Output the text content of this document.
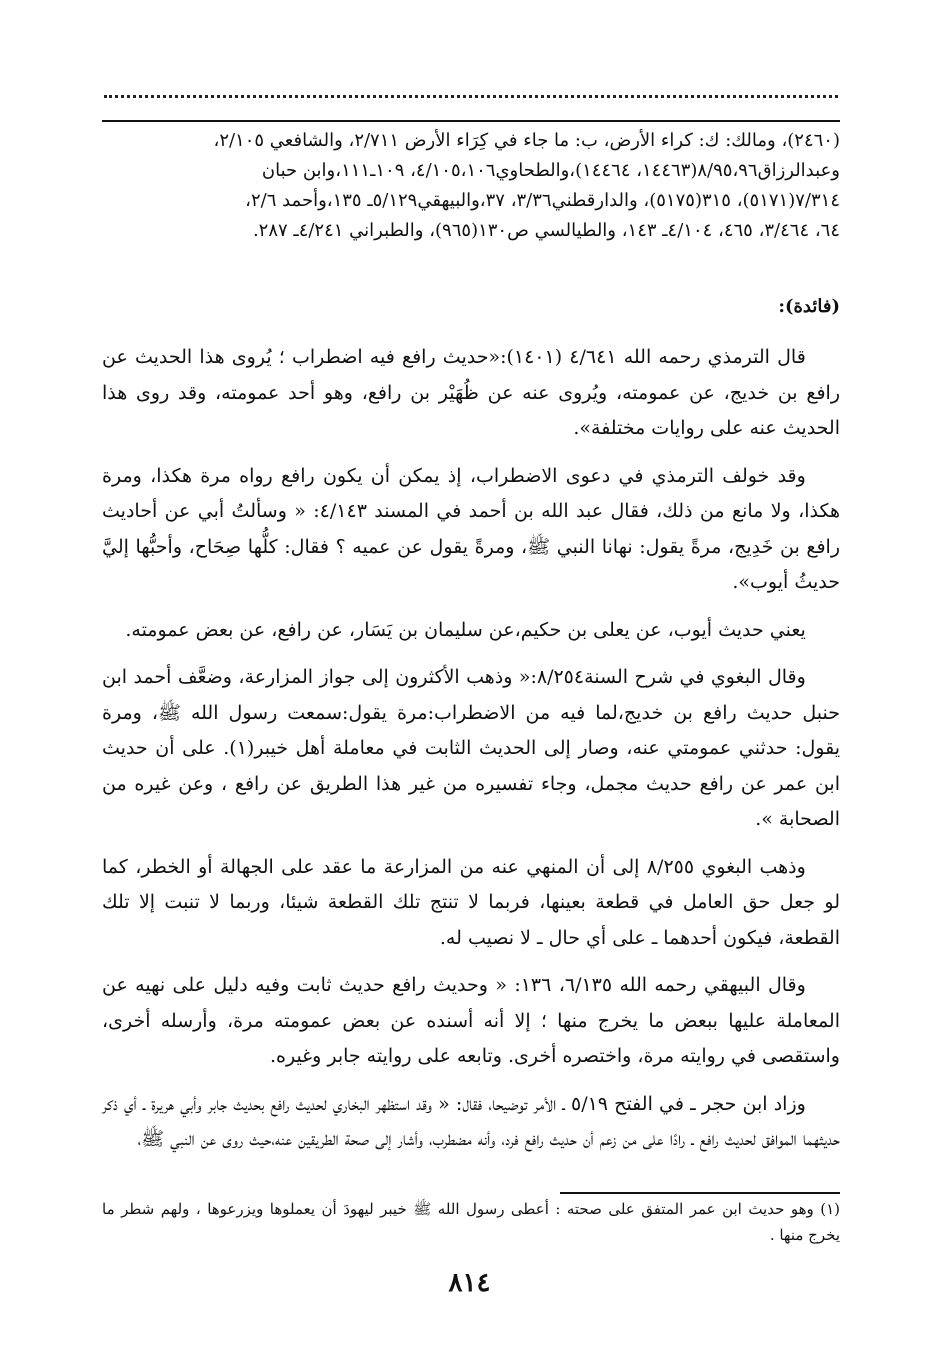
(٢٤٦٠)، ومالك: ك: كراء الأرض، ب: ما جاء في كِرَاء الأرض ٢/٧١١، والشافعي ٢/١٠٥،

وعبدالرزاق٨/٩٥،٩٦(١٤٤٦٣، ١٤٤٦٤)،والطحاوي٤/١٠٥،١٠٦، ١٠٩ـ١١١،وابن حبان

٧/٣١٤(٥١٧١)، ٣١٥(٥١٧٥)، والدارقطني٣/٣٦، ٣٧،والبيهقي٥/١٢٩ـ ١٣٥،وأحمد ٢/٦،

٦٤، ٣/٤٦٤، ٤٦٥، ٤/١٠٤ـ ١٤٣، والطيالسي ص١٣٠(٩٦٥)، والطبراني ٤/٢٤١ـ ٢٨٧.

(فائدة):

قال الترمذي رحمه الله ٤/٦٤١ (١٤٠١):«حديث رافع فيه اضطراب ؛ يُروى هذا الحديث عن رافع بن خديج، عن عمومته، ويُروى عنه عن ظُهَيْر بن رافع، وهو أحد عمومته، وقد روى هذا الحديث عنه على روايات مختلفة».

وقد خولف الترمذي في دعوى الاضطراب، إذ يمكن أن يكون رافع رواه مرة هكذا، ومرة هكذا، ولا مانع من ذلك، فقال عبد الله بن أحمد في المسند ٤/١٤٣: « وسألتُ أبي عن أحاديث رافع بن خَدِيج، مرةً يقول: نهانا النبي ﷺ، ومرةً يقول عن عميه ؟ فقال: كلُّها صِحَاح، وأحبُّها إليَّ حديثُ أيوب».

يعني حديث أيوب، عن يعلى بن حكيم،عن سليمان بن يَسَار، عن رافع، عن بعض عمومته.

وقال البغوي في شرح السنة٨/٢٥٤:« وذهب الأكثرون إلى جواز المزارعة، وضعَّف أحمد ابن حنبل حديث رافع بن خديج،لما فيه من الاضطراب:مرة يقول:سمعت رسول الله ﷺ، ومرة يقول: حدثني عمومتي عنه، وصار إلى الحديث الثابت في معاملة أهل خيبر(١). على أن حديث ابن عمر عن رافع حديث مجمل، وجاء تفسيره من غير هذا الطريق عن رافع ، وعن غيره من الصحابة ».

وذهب البغوي ٨/٢٥٥ إلى أن المنهي عنه من المزارعة ما عقد على الجهالة أو الخطر، كما لو جعل حق العامل في قطعة بعينها، فربما لا تنتج تلك القطعة شيئا، وربما لا تنبت إلا تلك القطعة، فيكون أحدهما ـ على أي حال ـ لا نصيب له.

وقال البيهقي رحمه الله ٦/١٣٥، ١٣٦: « وحديث رافع حديث ثابت وفيه دليل على نهيه عن المعاملة عليها ببعض ما يخرج منها ؛ إلا أنه أسنده عن بعض عمومته مرة، وأرسله أخرى، واستقصى في روايته مرة، واختصره أخرى. وتابعه على روايته جابر وغيره.

وزاد ابن حجر ـ في الفتح ٥/١٩ ـ الأمر توضيحا، فقال: « وقد استظهر البخاري لحديث رافع بحديث جابر وأبي هريرة ـ أي ذكر حديثهما الموافق لحديث رافع ـ رادًا على من زعم أن حديث رافع فرد، وأنه مضطرب، وأشار إلى صحة الطريقين عنه،حيث روى عن النبي ﷺ،

(١) وهو حديث ابن عمر المتفق على صحته : أعطى رسول الله ﷺ خيبر ليهودَ أن يعملوها ويزرعوها ، ولهم شطر ما يخرج منها .

٨١٤
